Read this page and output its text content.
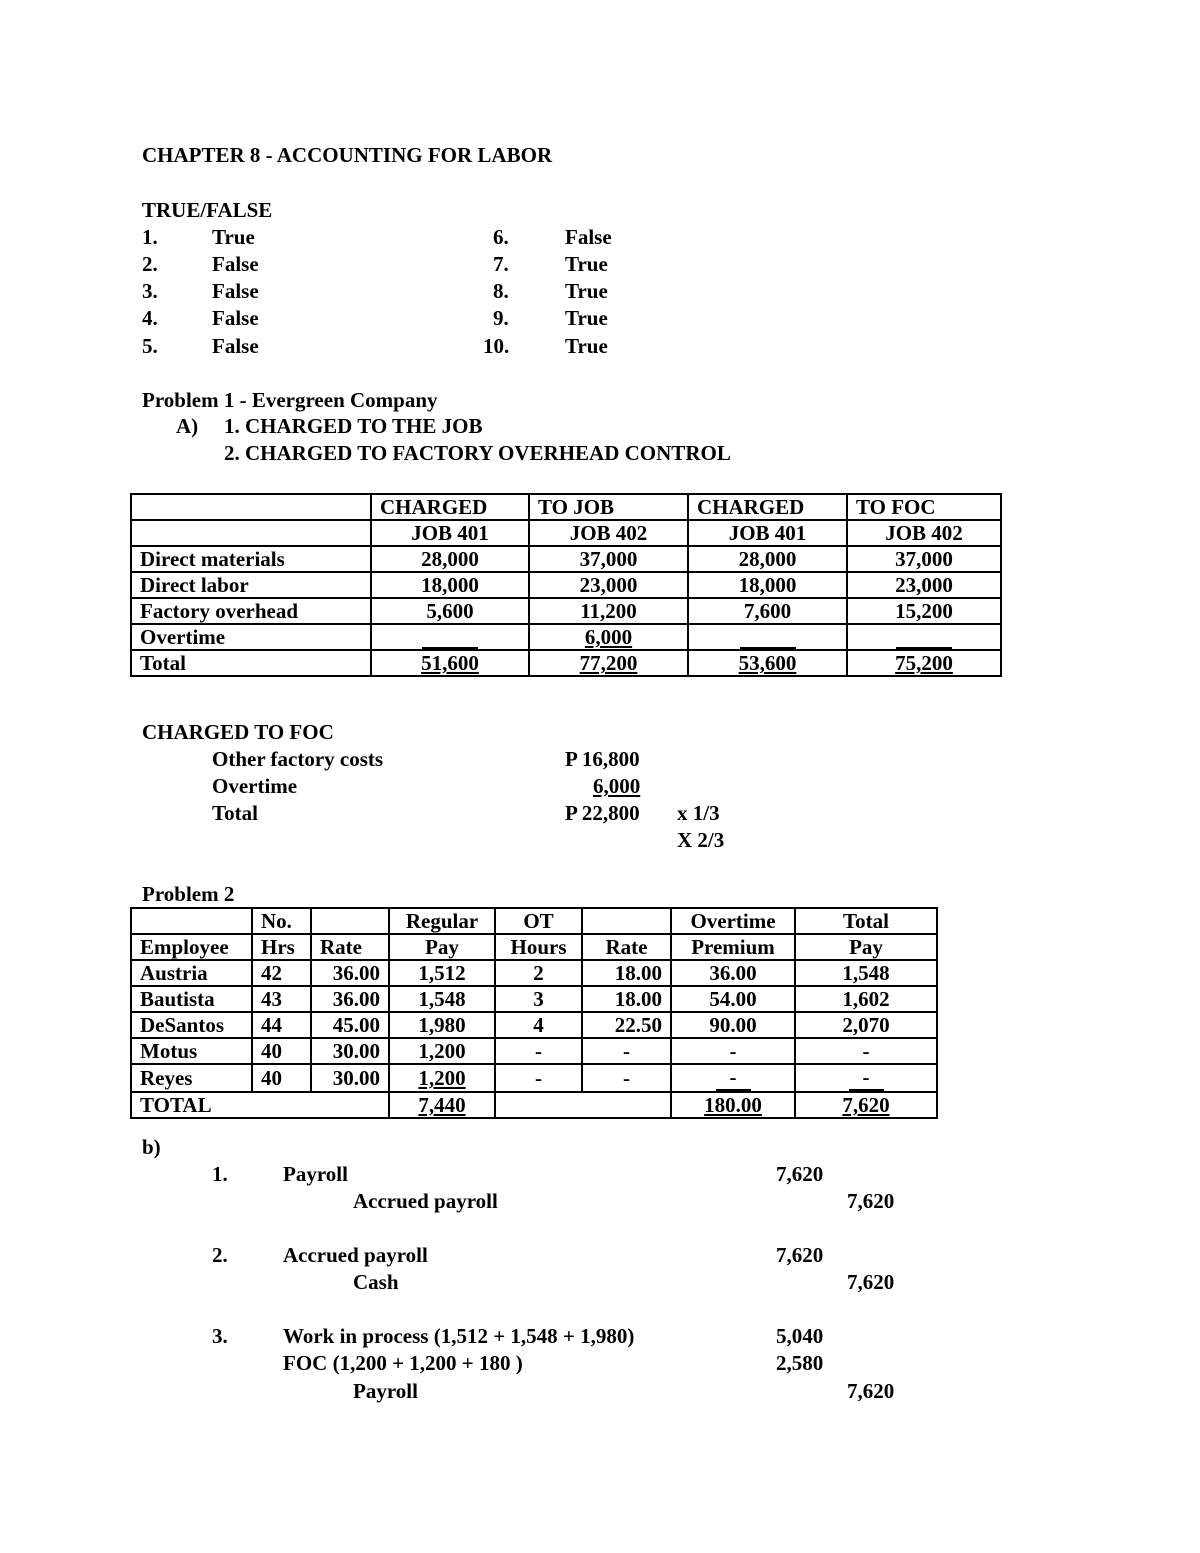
CHAPTER 8 - ACCOUNTING FOR LABOR
TRUE/FALSE
1.	True
2.	False
3.	False
4.	False
5.	False
6.	False
7.	True
8.	True
9.	True
10.	True
Problem 1 - Evergreen Company
A) 1. CHARGED TO THE JOB
2. CHARGED TO FACTORY OVERHEAD CONTROL
	CHARGED	TO JOB	CHARGED	TO FOC
	JOB 401	JOB 402	JOB 401	JOB 402
Direct materials	28,000	37,000	28,000	37,000
Direct labor	18,000	23,000	18,000	23,000
Factory overhead	5,600	11,200	7,600	15,200
Overtime		6,000		
Total	51,600	77,200	53,600	75,200
CHARGED TO FOC
Other factory costs	P 16,800
Overtime	6,000
Total	P 22,800 x 1/3
X 2/3
Problem 2
	No.		Regular	OT		Overtime	Total
Employee	Hrs	Rate	Pay	Hours	Rate	Premium	Pay
Austria	42	36.00	1,512	2	18.00	36.00	1,548
Bautista	43	36.00	1,548	3	18.00	54.00	1,602
DeSantos	44	45.00	1,980	4	22.50	90.00	2,070
Motus	40	30.00	1,200	-	-	-	-
Reyes	40	30.00	1,200	-	-	-	-
TOTAL			7,440			180.00	7,620
b)
1.	Payroll	7,620
Accrued payroll	7,620
2.	Accrued payroll	7,620
Cash	7,620
3.	Work in process (1,512 + 1,548 + 1,980)	5,040
FOC (1,200 + 1,200 + 180 )	2,580
Payroll	7,620
